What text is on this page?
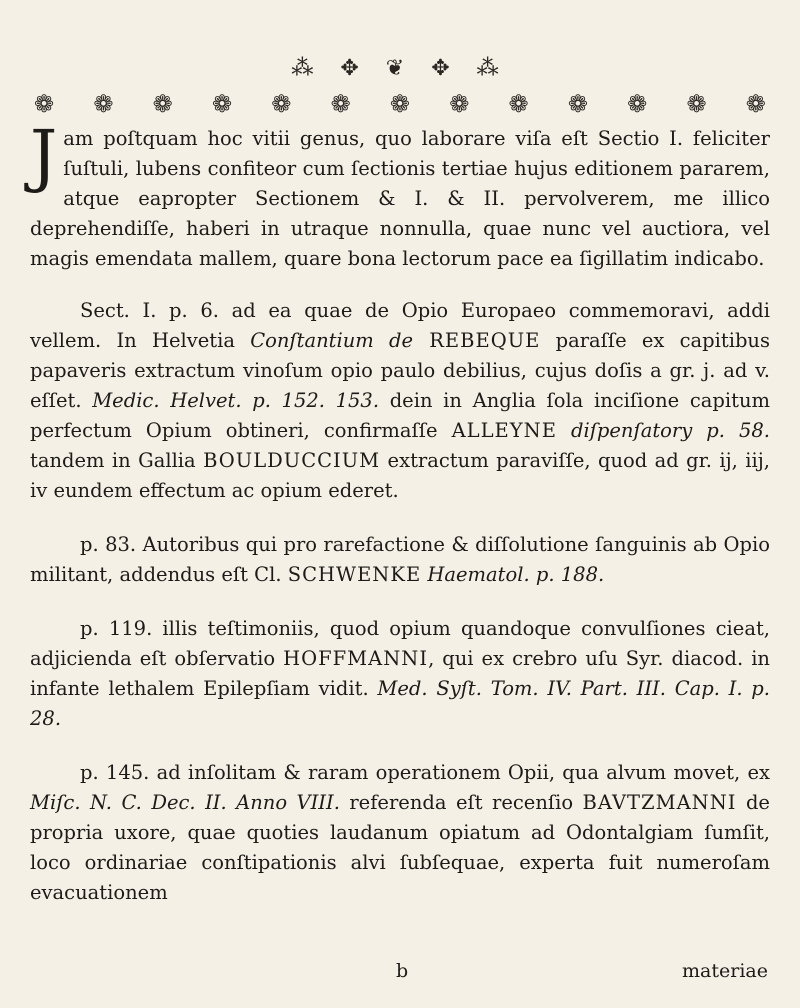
⁂ ✥ ❦ ✥ ⁂
❁ ❁ ❁ ❁ ❁ ❁ ❁ ❁ ❁ ❁ ❁ ❁ ❁

Jam poſtquam hoc vitii genus, quo laborare viſa eſt Sectio I. feliciter ſuſtuli, lubens confiteor cum ſectionis tertiae hujus editionem pararem, atque eapropter Sectionem & I. & II. pervolverem, me illico deprehendiſſe, haberi in utraque nonnulla, quae nunc vel auctiora, vel magis emendata mallem, quare bona lectorum pace ea ſigillatim indicabo.

Sect. I. p. 6. ad ea quae de Opio Europaeo commemoravi, addi vellem. In Helvetia Conſtantium de REBEQUE paraſſe ex capitibus papaveris extractum vinoſum opio paulo debilius, cujus doſis a gr. j. ad v. eſſet. Medic. Helvet. p. 152. 153. dein in Anglia ſola inciſione capitum perfectum Opium obtineri, confirmaſſe ALLEYNE diſpenſatory p. 58. tandem in Gallia BOULDUCCIUM extractum paraviſſe, quod ad gr. ij, iij, iv eundem effectum ac opium ederet.

p. 83. Autoribus qui pro rarefactione & diſſolutione ſanguinis ab Opio militant, addendus eſt Cl. SCHWENKE Haematol. p. 188.

p. 119. illis teſtimoniis, quod opium quandoque convulſiones cieat, adjicienda eſt obſervatio HOFFMANNI, qui ex crebro uſu Syr. diacod. in infante lethalem Epilepſiam vidit. Med. Syſt. Tom. IV. Part. III. Cap. I. p. 28.

p. 145. ad inſolitam & raram operationem Opii, qua alvum movet, ex Miſc. N. C. Dec. II. Anno VIII. referenda eſt recenſio BAVTZMANNI de propria uxore, quae quoties laudanum opiatum ad Odontalgiam ſumſit, loco ordinariae conſtipationis alvi ſubſequae, experta fuit numeroſam evacuationem

b	materiae
